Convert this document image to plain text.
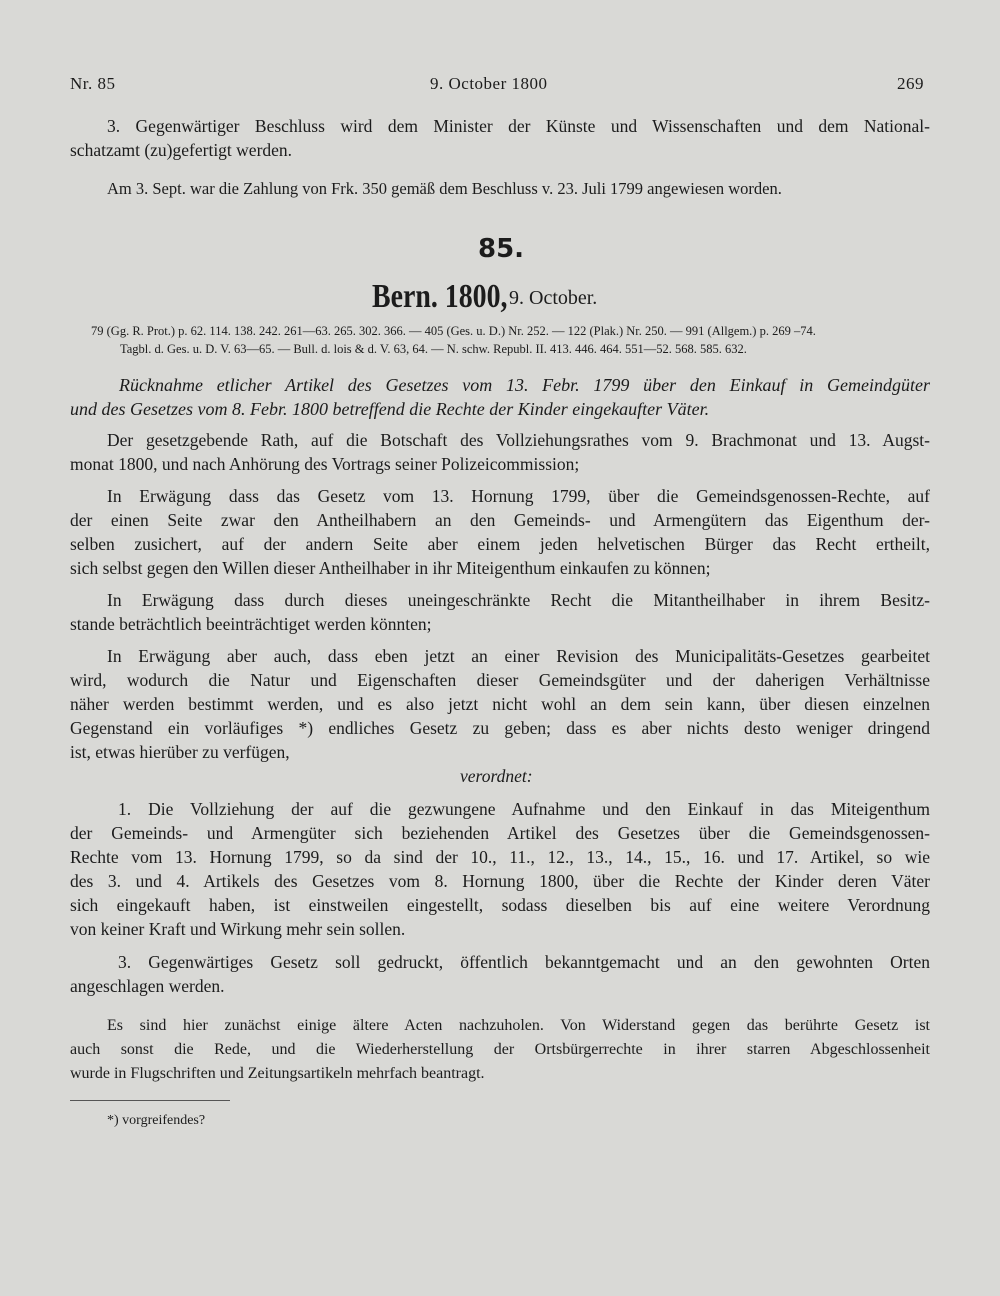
Nr. 85	9. October 1800	269
3. Gegenwärtiger Beschluss wird dem Minister der Künste und Wissenschaften und dem National-
schatzamt (zu)gefertigt werden.
Am 3. Sept. war die Zahlung von Frk. 350 gemäß dem Beschluss v. 23. Juli 1799 angewiesen worden.
85.
Bern. 1800, 9. October.
79 (Gg. R. Prot.) p. 62. 114. 138. 242. 261—63. 265. 302. 366. — 405 (Ges. u. D.) Nr. 252. — 122 (Plak.) Nr. 250. — 991 (Allgem.) p. 269 –74.
Tagbl. d. Ges. u. D. V. 63—65. — Bull. d. lois & d. V. 63, 64. — N. schw. Republ. II. 413. 446. 464. 551—52. 568. 585. 632.
Rücknahme etlicher Artikel des Gesetzes vom 13. Febr. 1799 über den Einkauf in Gemeindgüter
und des Gesetzes vom 8. Febr. 1800 betreffend die Rechte der Kinder eingekaufter Väter.
Der gesetzgebende Rath, auf die Botschaft des Vollziehungsrathes vom 9. Brachmonat und 13. Augst-
monat 1800, und nach Anhörung des Vortrags seiner Polizeicommission;
In Erwägung dass das Gesetz vom 13. Hornung 1799, über die Gemeindsgenossen-Rechte, auf
der einen Seite zwar den Antheilhabern an den Gemeinds- und Armengütern das Eigenthum der-
selben zusichert, auf der andern Seite aber einem jeden helvetischen Bürger das Recht ertheilt,
sich selbst gegen den Willen dieser Antheilhaber in ihr Miteigenthum einkaufen zu können;
In Erwägung dass durch dieses uneingeschränkte Recht die Mitantheilhaber in ihrem Besitz-
stande beträchtlich beeinträchtiget werden könnten;
In Erwägung aber auch, dass eben jetzt an einer Revision des Municipalitäts-Gesetzes gearbeitet
wird, wodurch die Natur und Eigenschaften dieser Gemeindsgüter und der daherigen Verhältnisse
näher werden bestimmt werden, und es also jetzt nicht wohl an dem sein kann, über diesen einzelnen
Gegenstand ein vorläufiges *) endliches Gesetz zu geben; dass es aber nichts desto weniger dringend
ist, etwas hierüber zu verfügen,
verordnet:
1. Die Vollziehung der auf die gezwungene Aufnahme und den Einkauf in das Miteigenthum
der Gemeinds- und Armengüter sich beziehenden Artikel des Gesetzes über die Gemeindsgenossen-
Rechte vom 13. Hornung 1799, so da sind der 10., 11., 12., 13., 14., 15., 16. und 17. Artikel, so wie
des 3. und 4. Artikels des Gesetzes vom 8. Hornung 1800, über die Rechte der Kinder deren Väter
sich eingekauft haben, ist einstweilen eingestellt, sodass dieselben bis auf eine weitere Verordnung
von keiner Kraft und Wirkung mehr sein sollen.
3. Gegenwärtiges Gesetz soll gedruckt, öffentlich bekanntgemacht und an den gewohnten Orten
angeschlagen werden.
Es sind hier zunächst einige ältere Acten nachzuholen. Von Widerstand gegen das berührte Gesetz ist
auch sonst die Rede, und die Wiederherstellung der Ortsbürgerrechte in ihrer starren Abgeschlossenheit
wurde in Flugschriften und Zeitungsartikeln mehrfach beantragt.
*) vorgreifendes?
